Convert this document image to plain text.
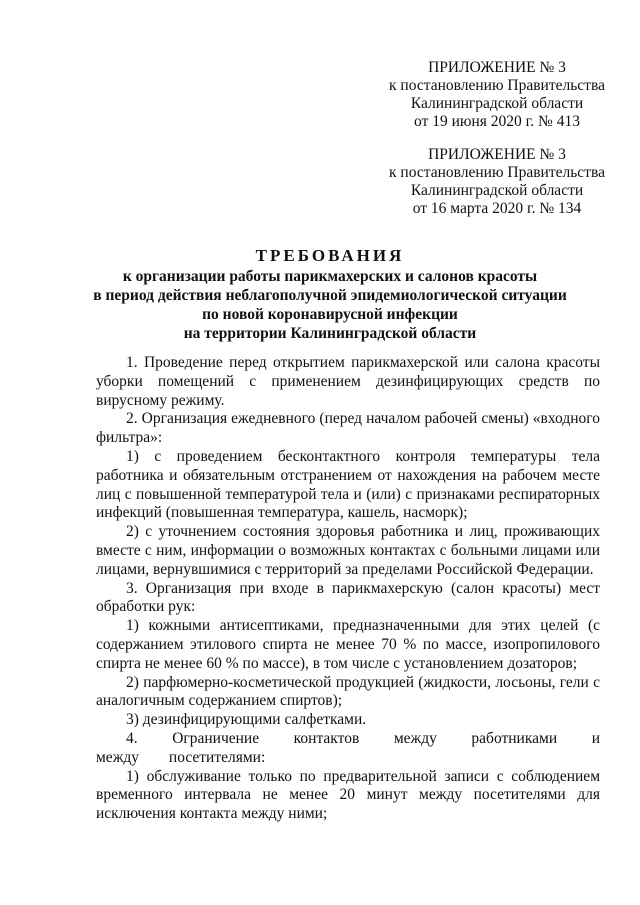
ПРИЛОЖЕНИЕ № 3
к постановлению Правительства
Калининградской области
от 19 июня 2020 г. № 413
ПРИЛОЖЕНИЕ № 3
к постановлению Правительства
Калининградской области
от 16 марта 2020 г. № 134
ТРЕБОВАНИЯ
к организации работы парикмахерских и салонов красоты
в период действия неблагополучной эпидемиологической ситуации
по новой коронавирусной инфекции
на территории Калининградской области

1. Проведение перед открытием парикмахерской или салона красоты уборки помещений с применением дезинфицирующих средств по вирусному режиму.

2. Организация ежедневного (перед началом рабочей смены) «входного фильтра»:

1) с проведением бесконтактного контроля температуры тела работника и обязательным отстранением от нахождения на рабочем месте лиц с повышенной температурой тела и (или) с признаками респираторных инфекций (повышенная температура, кашель, насморк);

2) с уточнением состояния здоровья работника и лиц, проживающих вместе с ним, информации о возможных контактах с больными лицами или лицами, вернувшимися с территорий за пределами Российской Федерации.

3. Организация при входе в парикмахерскую (салон красоты) мест обработки рук:

1) кожными антисептиками, предназначенными для этих целей (с содержанием этилового спирта не менее 70 % по массе, изопропилового спирта не менее 60 % по массе), в том числе с установлением дозаторов;

2) парфюмерно-косметической продукцией (жидкости, лосьоны, гели с аналогичным содержанием спиртов);

3) дезинфицирующими салфетками.

4. Ограничение контактов между работниками и между посетителями:

1) обслуживание только по предварительной записи с соблюдением временного интервала не менее 20 минут между посетителями для исключения контакта между ними;
